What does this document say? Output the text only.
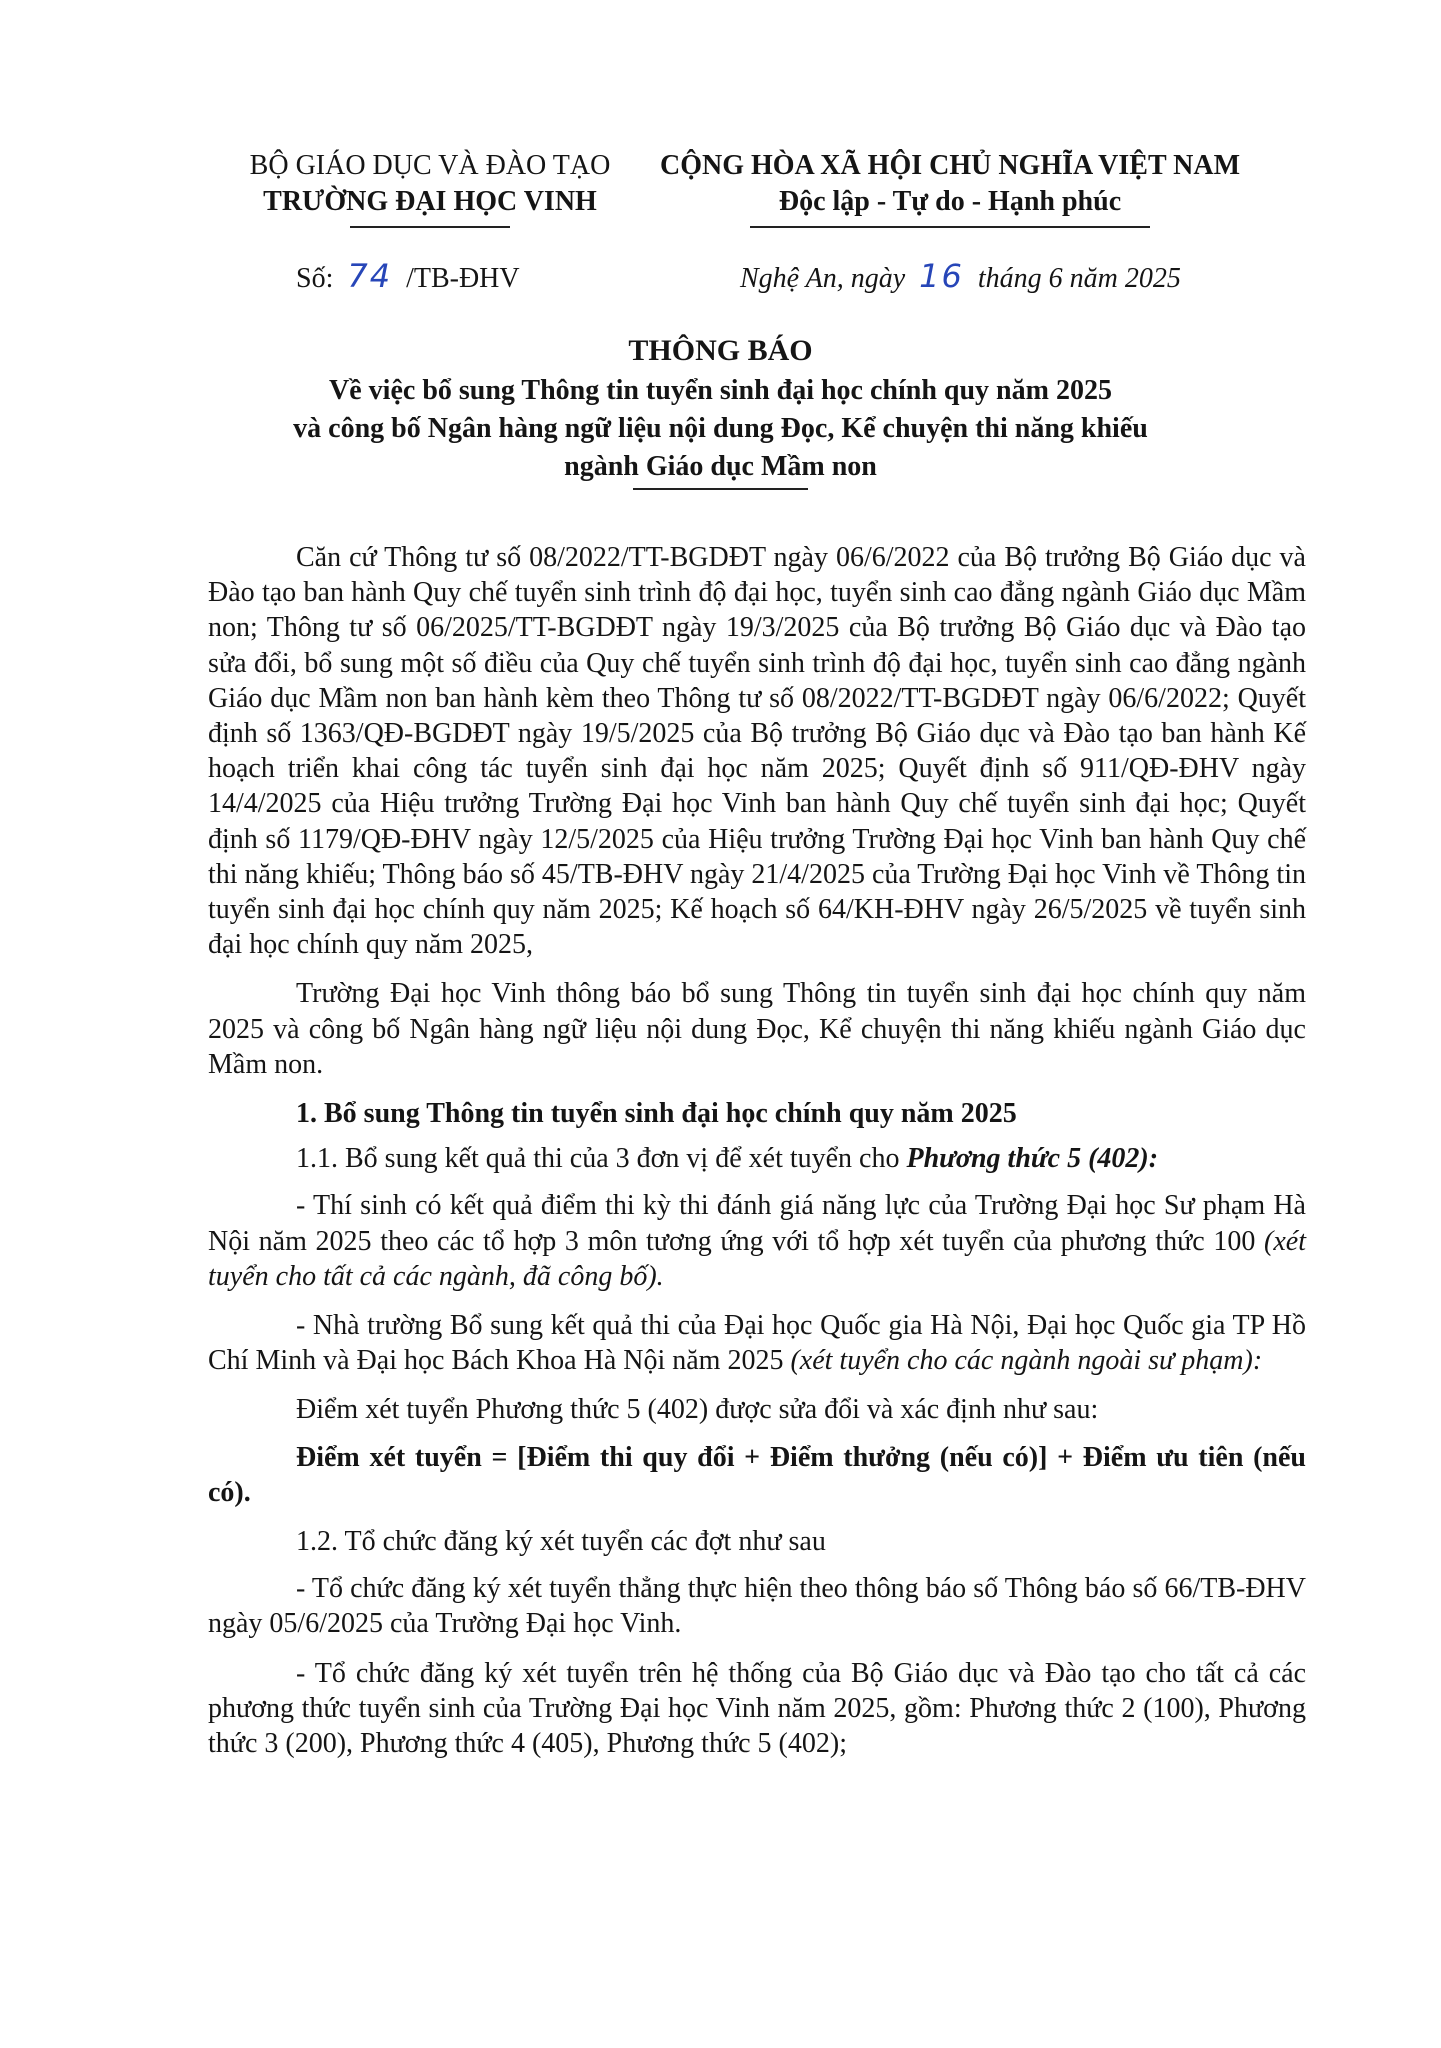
BỘ GIÁO DỤC VÀ ĐÀO TẠO
TRƯỜNG ĐẠI HỌC VINH
CỘNG HÒA XÃ HỘI CHỦ NGHĨA VIỆT NAM
Độc lập - Tự do - Hạnh phúc
Số: 74 /TB-ĐHV	Nghệ An, ngày 16 tháng 6 năm 2025
THÔNG BÁO
Về việc bổ sung Thông tin tuyển sinh đại học chính quy năm 2025
và công bố Ngân hàng ngữ liệu nội dung Đọc, Kể chuyện thi năng khiếu
ngành Giáo dục Mầm non

Căn cứ Thông tư số 08/2022/TT-BGDĐT ngày 06/6/2022 của Bộ trưởng Bộ Giáo dục và Đào tạo ban hành Quy chế tuyển sinh trình độ đại học, tuyển sinh cao đẳng ngành Giáo dục Mầm non; Thông tư số 06/2025/TT-BGDĐT ngày 19/3/2025 của Bộ trưởng Bộ Giáo dục và Đào tạo sửa đổi, bổ sung một số điều của Quy chế tuyển sinh trình độ đại học, tuyển sinh cao đẳng ngành Giáo dục Mầm non ban hành kèm theo Thông tư số 08/2022/TT-BGDĐT ngày 06/6/2022; Quyết định số 1363/QĐ-BGDĐT ngày 19/5/2025 của Bộ trưởng Bộ Giáo dục và Đào tạo ban hành Kế hoạch triển khai công tác tuyển sinh đại học năm 2025; Quyết định số 911/QĐ-ĐHV ngày 14/4/2025 của Hiệu trưởng Trường Đại học Vinh ban hành Quy chế tuyển sinh đại học; Quyết định số 1179/QĐ-ĐHV ngày 12/5/2025 của Hiệu trưởng Trường Đại học Vinh ban hành Quy chế thi năng khiếu; Thông báo số 45/TB-ĐHV ngày 21/4/2025 của Trường Đại học Vinh về Thông tin tuyển sinh đại học chính quy năm 2025; Kế hoạch số 64/KH-ĐHV ngày 26/5/2025 về tuyển sinh đại học chính quy năm 2025,

Trường Đại học Vinh thông báo bổ sung Thông tin tuyển sinh đại học chính quy năm 2025 và công bố Ngân hàng ngữ liệu nội dung Đọc, Kể chuyện thi năng khiếu ngành Giáo dục Mầm non.

1. Bổ sung Thông tin tuyển sinh đại học chính quy năm 2025

1.1. Bổ sung kết quả thi của 3 đơn vị để xét tuyển cho Phương thức 5 (402):

- Thí sinh có kết quả điểm thi kỳ thi đánh giá năng lực của Trường Đại học Sư phạm Hà Nội năm 2025 theo các tổ hợp 3 môn tương ứng với tổ hợp xét tuyển của phương thức 100 (xét tuyển cho tất cả các ngành, đã công bố).

- Nhà trường Bổ sung kết quả thi của Đại học Quốc gia Hà Nội, Đại học Quốc gia TP Hồ Chí Minh và Đại học Bách Khoa Hà Nội năm 2025 (xét tuyển cho các ngành ngoài sư phạm):

Điểm xét tuyển Phương thức 5 (402) được sửa đổi và xác định như sau:

Điểm xét tuyển = [Điểm thi quy đổi + Điểm thưởng (nếu có)] + Điểm ưu tiên (nếu có).

1.2. Tổ chức đăng ký xét tuyển các đợt như sau

- Tổ chức đăng ký xét tuyển thẳng thực hiện theo thông báo số Thông báo số 66/TB-ĐHV ngày 05/6/2025 của Trường Đại học Vinh.

- Tổ chức đăng ký xét tuyển trên hệ thống của Bộ Giáo dục và Đào tạo cho tất cả các phương thức tuyển sinh của Trường Đại học Vinh năm 2025, gồm: Phương thức 2 (100), Phương thức 3 (200), Phương thức 4 (405), Phương thức 5 (402);
